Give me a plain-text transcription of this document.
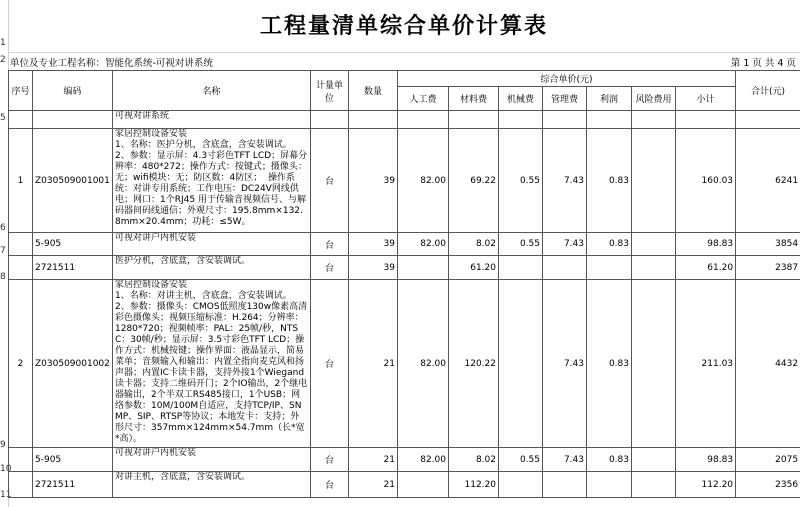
1
2
5
6
7
8
9
10
11
工程量清单综合单价计算表
单位及专业工程名称：智能化系统-可视对讲系统	第 1 页 共 4 页
序号	编码	名称	计量单位	数量	综合单价(元)							合计(元)
					人工费	材料费	机械费	管理费	利润	风险费用	小计	
		可视对讲系统										
1	Z030509001001	家居控制设备安装
1、名称：医护分机，含底盒，含安装调试。
2、参数：显示屏：4.3寸彩色TFT LCD；屏幕分辨率：480*272；操作方式：按键式；摄像头：无；wifi模块：无；防区数：4防区；  操作系统：对讲专用系统；工作电压：DC24V网线供电；网口：1个RJ45 用于传输音视频信号、与解码器间码线通信；外观尺寸：195.8mm×132.8mm×20.4mm；功耗：≤5W。	台	39	82.00	69.22	0.55	7.43	0.83		160.03	6241
	5-905	可视对讲户内机安装	台	39	82.00	8.02	0.55	7.43	0.83		98.83	3854
	2721511	医护分机，含底盒，含安装调试。	台	39		61.20					61.20	2387
2	Z030509001002	家居控制设备安装
1、名称：对讲主机，含底盒，含安装调试。
2、参数：摄像头：CMOS低照度130w像素高清彩色摄像头；视频压缩标准：H.264；分辨率：1280*720；视频帧率：PAL：25帧/秒，NTSC：30帧/秒；显示屏：3.5寸彩色TFT LCD；操作方式：机械按键；操作界面：液晶显示，简易菜单；音频输入和输出：内置全指向麦克风和扬声器；内置IC卡读卡器，支持外接1个Wiegand读卡器；支持二维码开门；2个IO输出，2个继电器输出，2个半双工RS485接口，1个USB；网络参数：10M/100M自适应，支持TCP/IP、SNMP、SIP、RTSP等协议；本地发卡：支持；外形尺寸：357mm×124mm×54.7mm（长*宽*高）。	台	21	82.00	120.22		7.43	0.83		211.03	4432
	5-905	可视对讲户内机安装	台	21	82.00	8.02	0.55	7.43	0.83		98.83	2075
	2721511	对讲主机，含底盒，含安装调试。	台	21		112.20					112.20	2356
